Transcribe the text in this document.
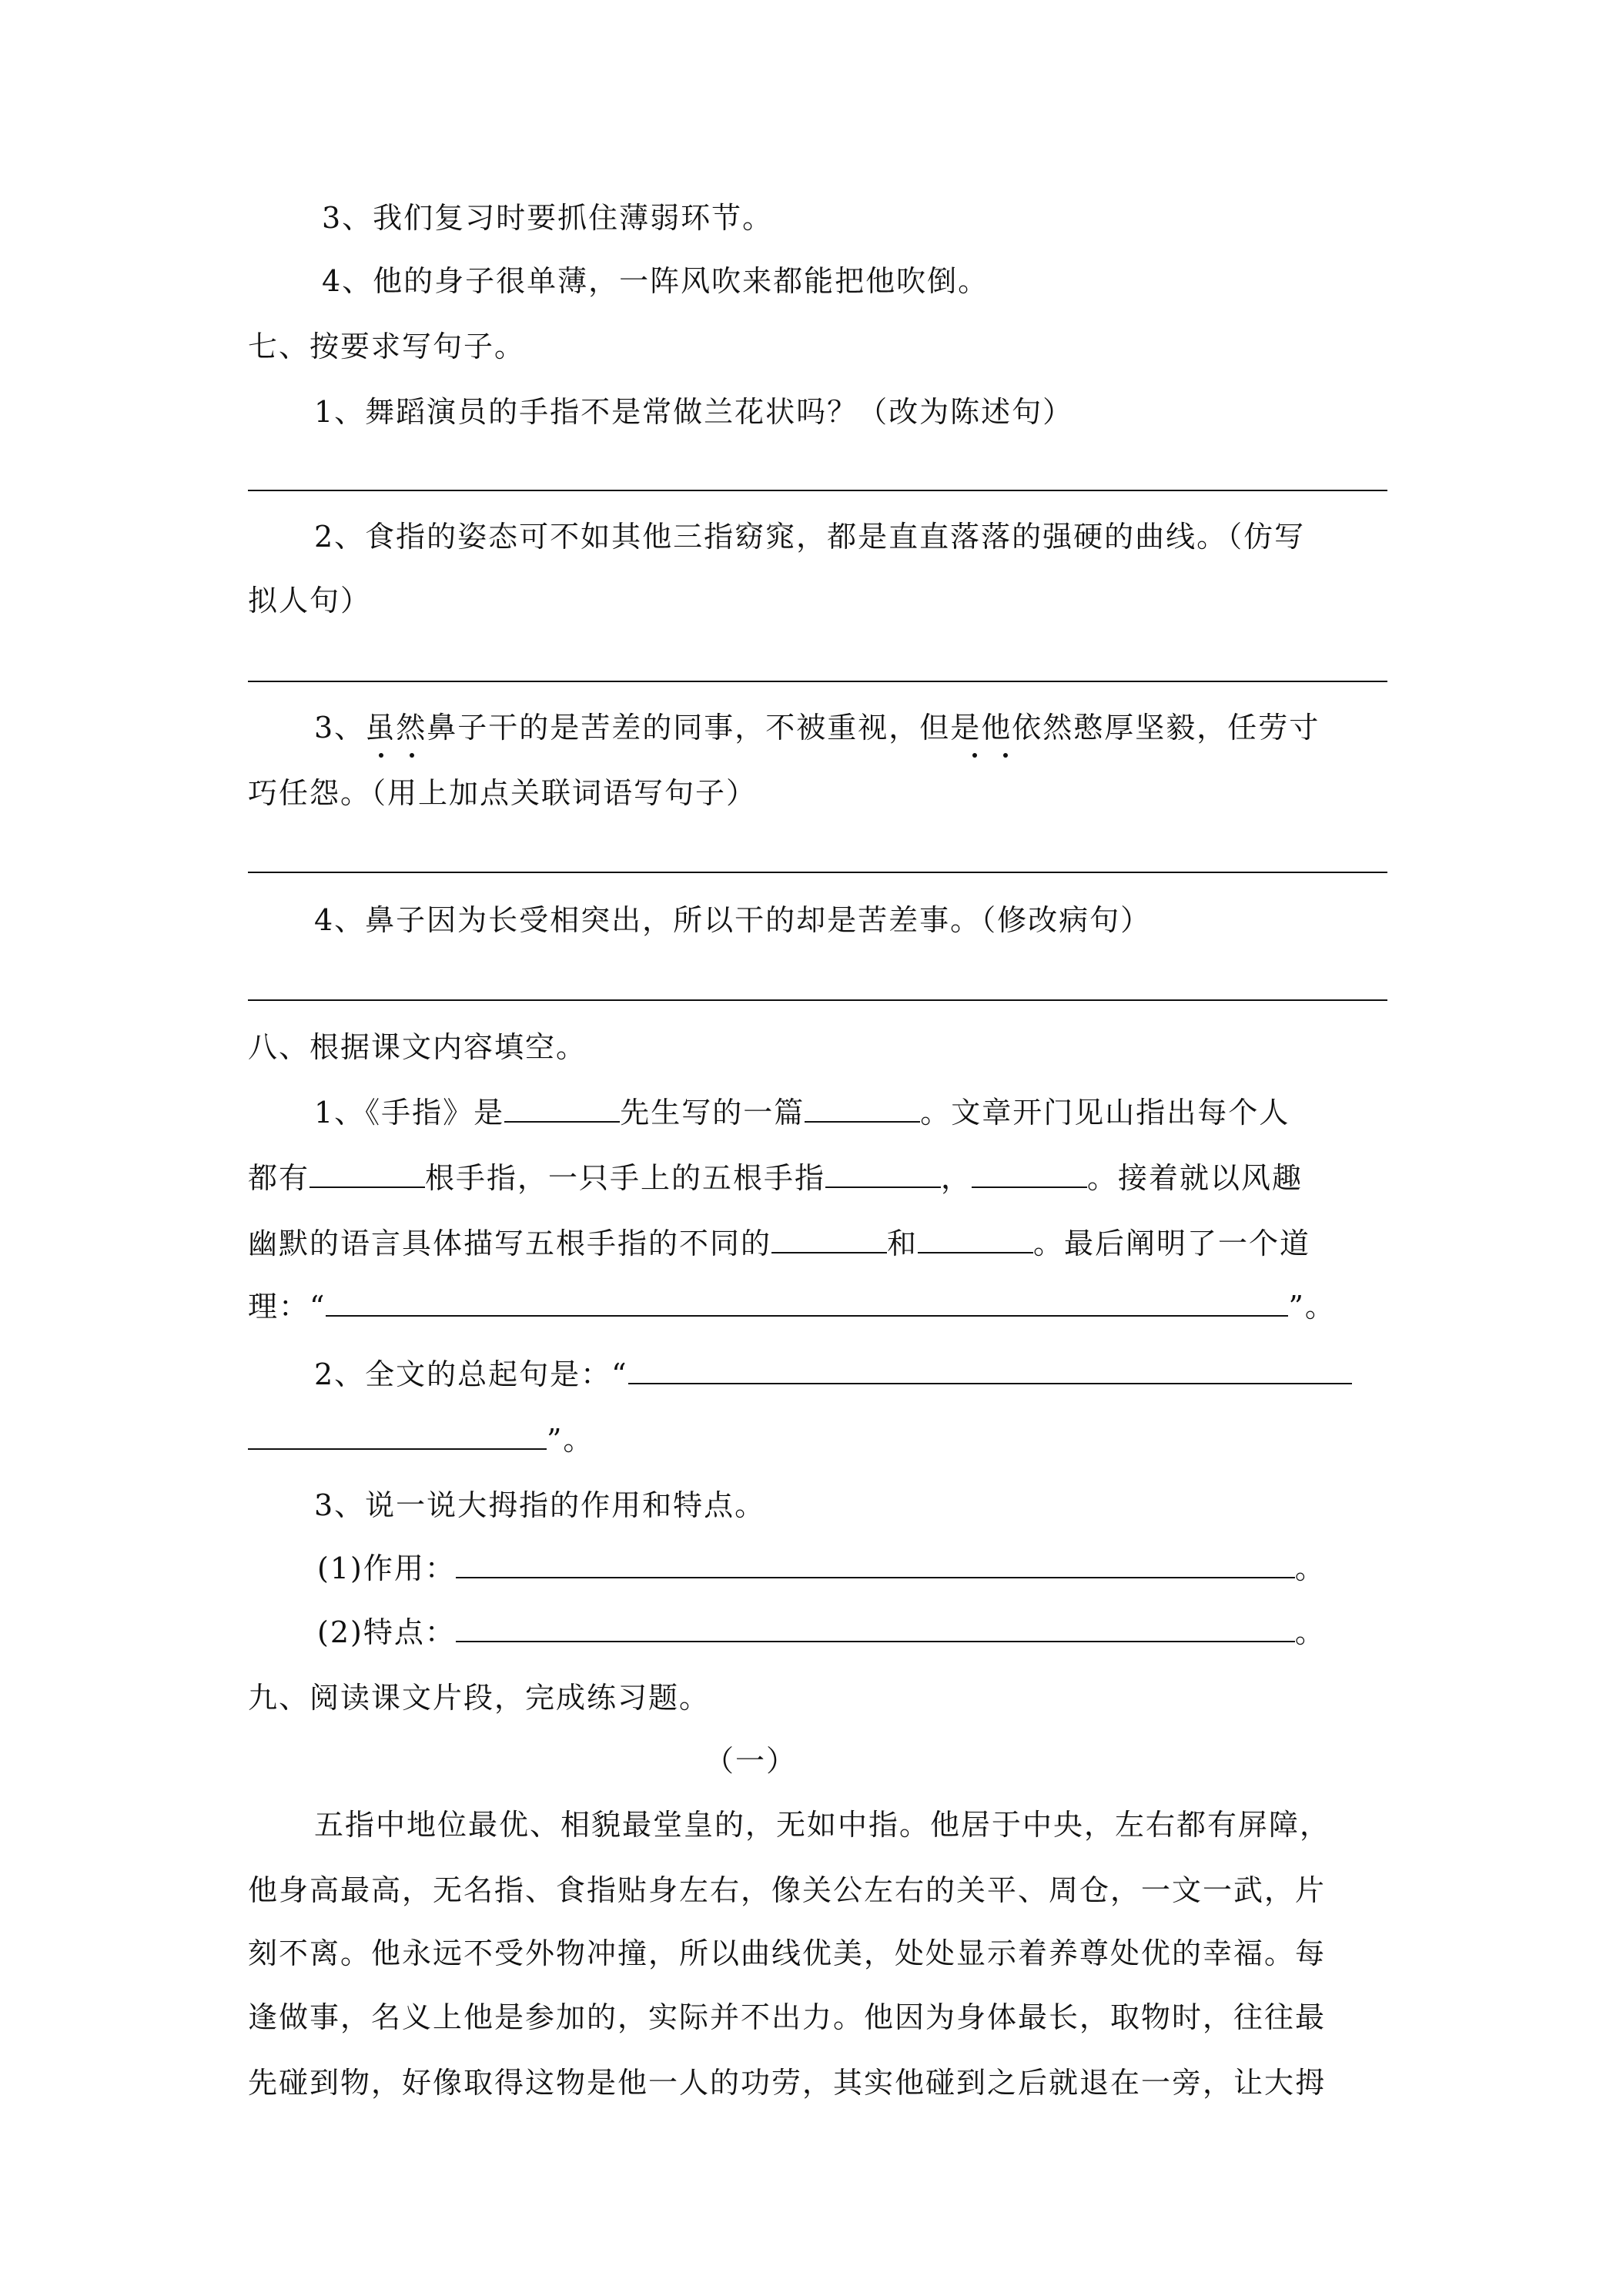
3、我们复习时要抓住薄弱环节。
4、他的身子很单薄，一阵风吹来都能把他吹倒。
七、按要求写句子。
1、舞蹈演员的手指不是常做兰花状吗？（改为陈述句）
2、食指的姿态可不如其他三指窈窕，都是直直落落的强硬的曲线。（仿写
拟人句）
3、虽然鼻子干的是苦差的同事，不被重视，但是他依然憨厚坚毅，任劳寸
巧任怨。（用上加点关联词语写句子）
4、鼻子因为长受相突出，所以干的却是苦差事。（修改病句）
八、根据课文内容填空。
1、《手指》是	先生写的一篇	。文章开门见山指出每个人
都有	根手指，一只手上的五根手指	，	。接着就以风趣
幽默的语言具体描写五根手指的不同的	和	。最后阐明了一个道
理：“	”。
2、全文的总起句是：“
”。
3、说一说大拇指的作用和特点。
(1)作用：	。
(2)特点：	。
九、阅读课文片段，完成练习题。
（一）
五指中地位最优、相貌最堂皇的，无如中指。他居于中央，左右都有屏障，
他身高最高，无名指、食指贴身左右，像关公左右的关平、周仓，一文一武，片
刻不离。他永远不受外物冲撞，所以曲线优美，处处显示着养尊处优的幸福。每
逢做事，名义上他是参加的，实际并不出力。他因为身体最长，取物时，往往最
先碰到物，好像取得这物是他一人的功劳，其实他碰到之后就退在一旁，让大拇
